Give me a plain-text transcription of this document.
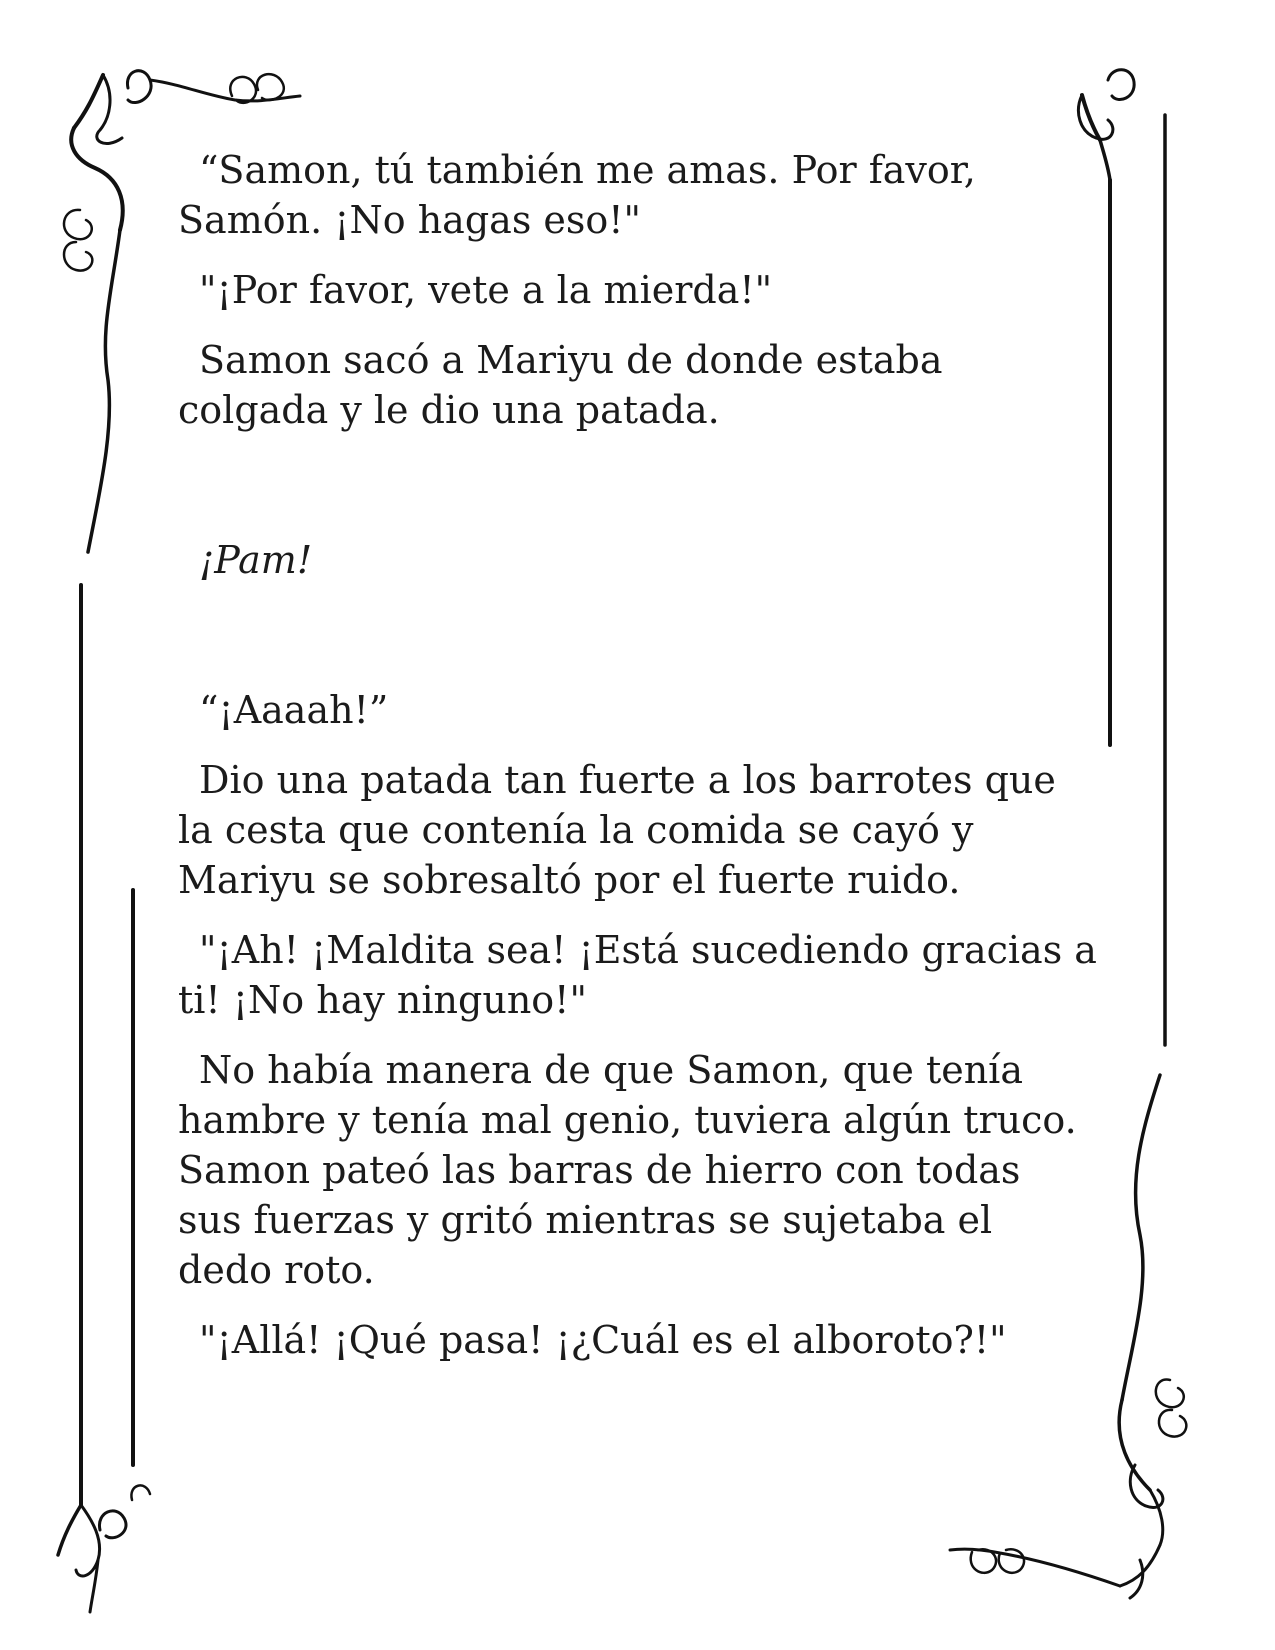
“Samon, tú también me amas. Por favor,
Samón. ¡No hagas eso!"

"¡Por favor, vete a la mierda!"

Samon sacó a Mariyu de donde estaba
colgada y le dio una patada.

¡Pam!

“¡Aaaah!”

Dio una patada tan fuerte a los barrotes que
la cesta que contenía la comida se cayó y
Mariyu se sobresaltó por el fuerte ruido.

"¡Ah! ¡Maldita sea! ¡Está sucediendo gracias a
ti! ¡No hay ninguno!"

No había manera de que Samon, que tenía
hambre y tenía mal genio, tuviera algún truco.
Samon pateó las barras de hierro con todas
sus fuerzas y gritó mientras se sujetaba el
dedo roto.

"¡Allá! ¡Qué pasa! ¡¿Cuál es el alboroto?!"
